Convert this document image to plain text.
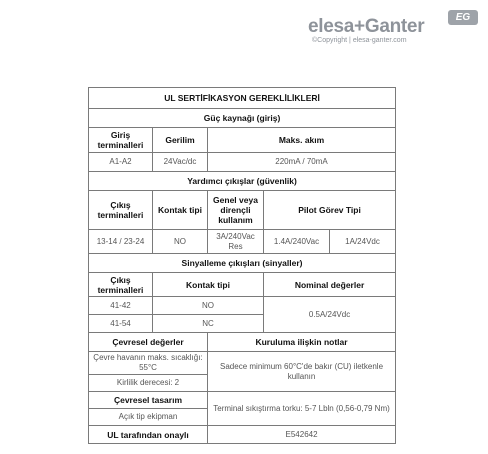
elesa+Ganter	EG
©Copyright | elesa-ganter.com
UL SERTİFİKASYON GEREKLİLİKLERİ				
Güç kaynağı (giriş)				
Giriş terminalleri	Gerilim	Maks. akım		
A1-A2	24Vac/dc	220mA / 70mA		
Yardımcı çıkışlar (güvenlik)				
Çıkış terminalleri	Kontak tipi	Genel veya dirençli kullanım	Pilot Görev Tipi	
13-14 / 23-24	NO	3A/240Vac Res	1.4A/240Vac	1A/24Vdc
Sinyalleme çıkışları (sinyaller)				
Çıkış terminalleri	Kontak tipi		Nominal değerler	
41-42	NO		0.5A/24Vdc	
41-54	NC			
Çevresel değerler		Kuruluma ilişkin notlar		
Çevre havanın maks. sıcaklığı: 55°C		Sadece minimum 60°C'de bakır (CU) iletkenle kullanın		
Kirlilik derecesi: 2				
Çevresel tasarım		Terminal sıkıştırma torku: 5-7 Lbln (0,56-0,79 Nm)		
Açık tip ekipman				
UL tarafından onaylı		E542642		
